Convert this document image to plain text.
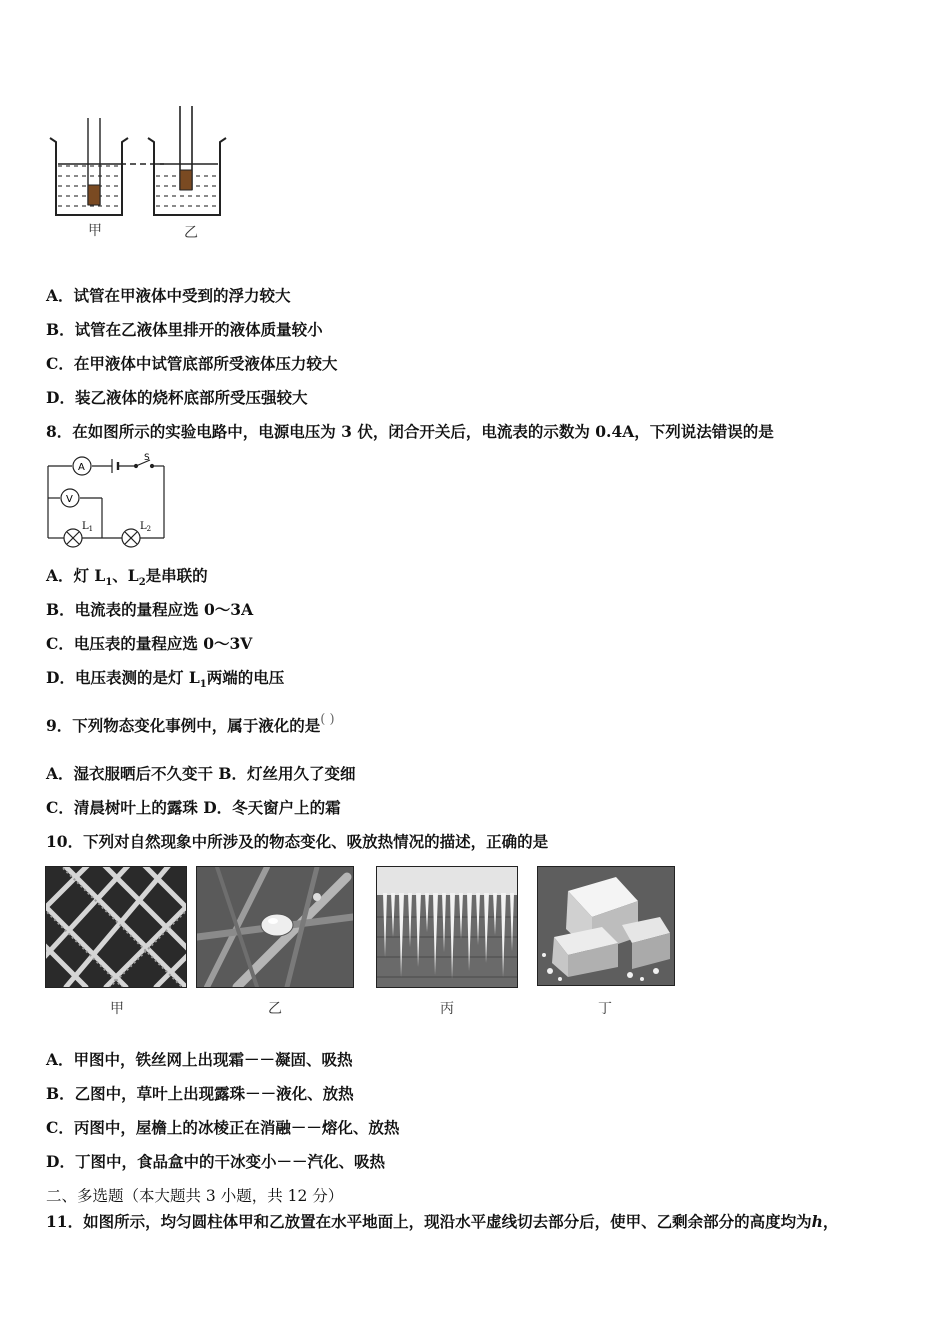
甲	乙
A．试管在甲液体中受到的浮力较大
B．试管在乙液体里排开的液体质量较小
C．在甲液体中试管底部所受液体压力较大
D．装乙液体的烧杯底部所受压强较大
8．在如图所示的实验电路中，电源电压为 3 伏，闭合开关后，电流表的示数为 0.4A，下列说法错误的是
A
V
S
$L_1$	$L_2$
A．灯 $L_1$、$L_2$是串联的
B．电流表的量程应选 0～3A
C．电压表的量程应选 0～3V
D．电压表测的是灯 $L_1$两端的电压
9．下列物态变化事例中，属于液化的是( )
A．湿衣服晒后不久变干 B．灯丝用久了变细
C．清晨树叶上的露珠 D．冬天窗户上的霜
10．下列对自然现象中所涉及的物态变化、吸放热情况的描述，正确的是
甲	乙	丙	丁
A．甲图中，铁丝网上出现霜－－凝固、吸热
B．乙图中，草叶上出现露珠－－液化、放热
C．丙图中，屋檐上的冰棱正在消融－－熔化、放热
D．丁图中，食品盒中的干冰变小－－汽化、吸热
二、多选题（本大题共 3 小题，共 12 分）
11．如图所示，均匀圆柱体甲和乙放置在水平地面上，现沿水平虚线切去部分后，使甲、乙剩余部分的高度均为h，
